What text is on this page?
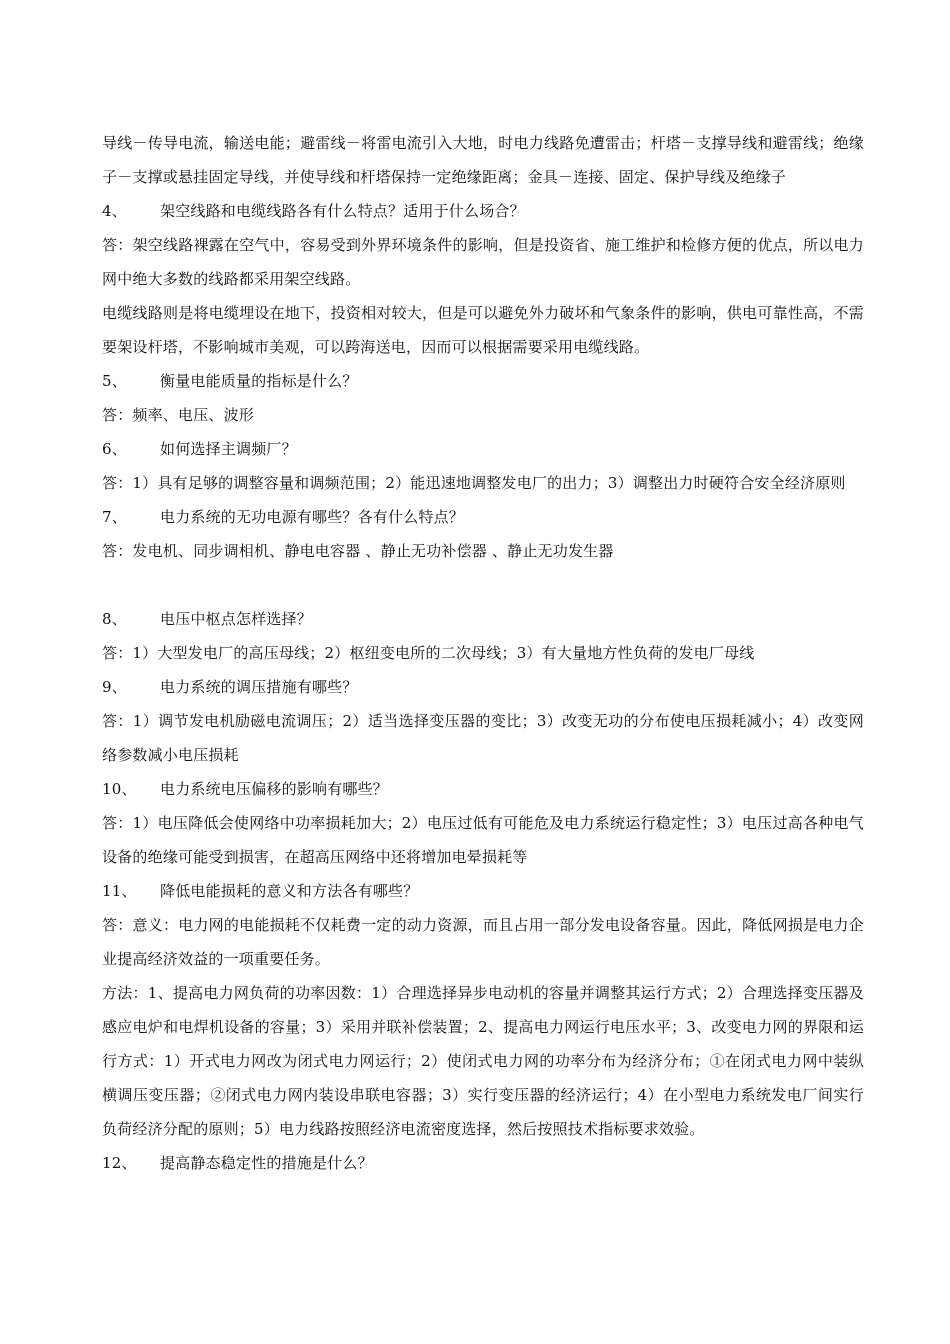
导线－传导电流，输送电能；避雷线－将雷电流引入大地，时电力线路免遭雷击；杆塔－支撑导线和避雷线；绝缘子－支撑或悬挂固定导线，并使导线和杆塔保持一定绝缘距离；金具－连接、固定、保护导线及绝缘子
4、	架空线路和电缆线路各有什么特点？适用于什么场合？
答：架空线路裸露在空气中，容易受到外界环境条件的影响，但是投资省、施工维护和检修方便的优点，所以电力网中绝大多数的线路都采用架空线路。
电缆线路则是将电缆埋设在地下，投资相对较大，但是可以避免外力破坏和气象条件的影响，供电可靠性高，不需要架设杆塔，不影响城市美观，可以跨海送电，因而可以根据需要采用电缆线路。
5、	衡量电能质量的指标是什么？
答：频率、电压、波形
6、	如何选择主调频厂？
答：1）具有足够的调整容量和调频范围；2）能迅速地调整发电厂的出力；3）调整出力时硬符合安全经济原则
7、	电力系统的无功电源有哪些？各有什么特点？
答：发电机、同步调相机、静电电容器 、静止无功补偿器 、静止无功发生器
8、	电压中枢点怎样选择？
答：1）大型发电厂的高压母线；2）枢纽变电所的二次母线；3）有大量地方性负荷的发电厂母线
9、	电力系统的调压措施有哪些？
答：1）调节发电机励磁电流调压；2）适当选择变压器的变比；3）改变无功的分布使电压损耗减小；4）改变网络参数减小电压损耗
10、	电力系统电压偏移的影响有哪些？
答：1）电压降低会使网络中功率损耗加大；2）电压过低有可能危及电力系统运行稳定性；3）电压过高各种电气设备的绝缘可能受到损害，在超高压网络中还将增加电晕损耗等
11、	降低电能损耗的意义和方法各有哪些？
答：意义：电力网的电能损耗不仅耗费一定的动力资源，而且占用一部分发电设备容量。因此，降低网损是电力企业提高经济效益的一项重要任务。
方法：1、提高电力网负荷的功率因数：1）合理选择异步电动机的容量并调整其运行方式；2）合理选择变压器及感应电炉和电焊机设备的容量；3）采用并联补偿装置；2、提高电力网运行电压水平；3、改变电力网的界限和运行方式：1）开式电力网改为闭式电力网运行；2）使闭式电力网的功率分布为经济分布；①在闭式电力网中装纵横调压变压器；②闭式电力网内装设串联电容器；3）实行变压器的经济运行；4）在小型电力系统发电厂间实行负荷经济分配的原则；5）电力线路按照经济电流密度选择，然后按照技术指标要求效验。
12、	提高静态稳定性的措施是什么？
